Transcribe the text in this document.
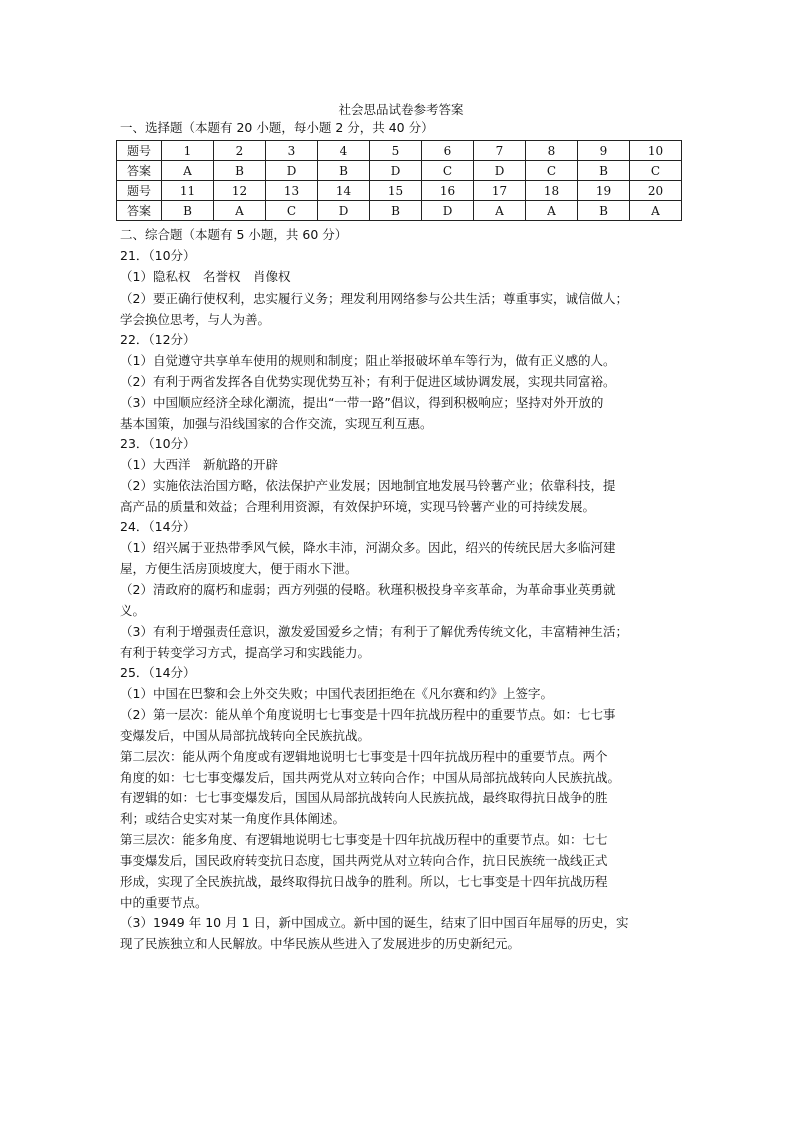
社会思品试卷参考答案
一、选择题（本题有 20 小题，每小题 2 分，共 40 分）
题号	1	2	3	4	5	6	7	8	9	10
答案	A	B	D	B	D	C	D	C	B	C
题号	11	12	13	14	15	16	17	18	19	20
答案	B	A	C	D	B	D	A	A	B	A
二、综合题（本题有 5 小题，共 60 分）
21．（10分）
（1）隐私权　名誉权　肖像权
（2）要正确行使权利，忠实履行义务；理发利用网络参与公共生活；尊重事实，诚信做人；
学会换位思考，与人为善。
22．（12分）
（1）自觉遵守共享单车使用的规则和制度；阻止举报破坏单车等行为，做有正义感的人。
（2）有利于两省发挥各自优势实现优势互补；有利于促进区域协调发展，实现共同富裕。
（3）中国顺应经济全球化潮流，提出“一带一路”倡议，得到积极响应；坚持对外开放的
基本国策，加强与沿线国家的合作交流，实现互利互惠。
23．（10分）
（1）大西洋　新航路的开辟
（2）实施依法治国方略，依法保护产业发展；因地制宜地发展马铃薯产业；依靠科技，提
高产品的质量和效益；合理利用资源，有效保护环境，实现马铃薯产业的可持续发展。
24．（14分）
（1）绍兴属于亚热带季风气候，降水丰沛，河湖众多。因此，绍兴的传统民居大多临河建
屋，方便生活房顶坡度大，便于雨水下泄。
（2）清政府的腐朽和虚弱；西方列强的侵略。秋瑾积极投身辛亥革命，为革命事业英勇就
义。
（3）有利于增强责任意识，激发爱国爱乡之情；有利于了解优秀传统文化，丰富精神生活；
有利于转变学习方式，提高学习和实践能力。
25．（14分）
（1）中国在巴黎和会上外交失败；中国代表团拒绝在《凡尔赛和约》上签字。
（2）第一层次：能从单个角度说明七七事变是十四年抗战历程中的重要节点。如：七七事
变爆发后，中国从局部抗战转向全民族抗战。
第二层次：能从两个角度或有逻辑地说明七七事变是十四年抗战历程中的重要节点。两个
角度的如：七七事变爆发后，国共两党从对立转向合作；中国从局部抗战转向人民族抗战。
有逻辑的如：七七事变爆发后，国国从局部抗战转向人民族抗战，最终取得抗日战争的胜
利；或结合史实对某一角度作具体阐述。
第三层次：能多角度、有逻辑地说明七七事变是十四年抗战历程中的重要节点。如：七七
事变爆发后，国民政府转变抗日态度，国共两党从对立转向合作，抗日民族统一战线正式
形成，实现了全民族抗战，最终取得抗日战争的胜利。所以，七七事变是十四年抗战历程
中的重要节点。
（3）1949 年 10 月 1 日，新中国成立。新中国的诞生，结束了旧中国百年屈辱的历史，实
现了民族独立和人民解放。中华民族从些进入了发展进步的历史新纪元。
